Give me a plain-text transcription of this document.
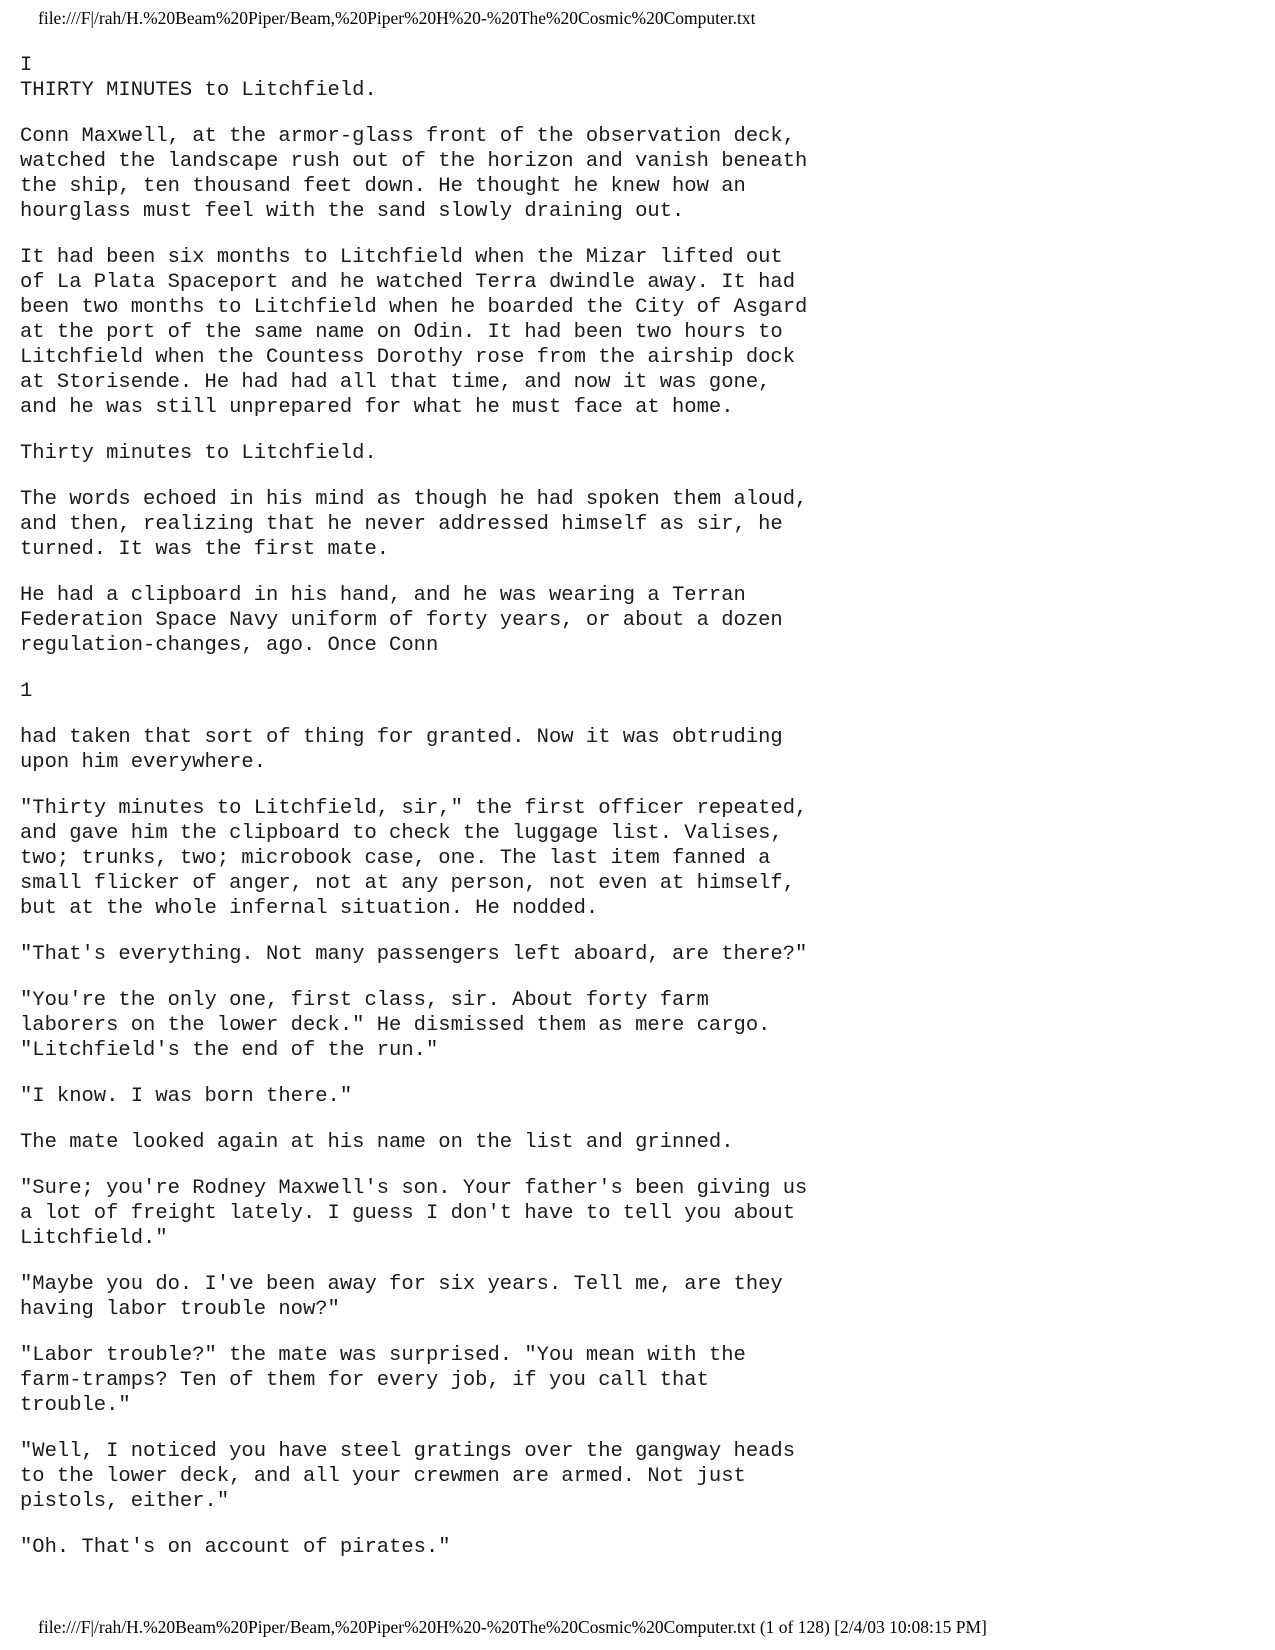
file:///F|/rah/H.%20Beam%20Piper/Beam,%20Piper%20H%20-%20The%20Cosmic%20Computer.txt

I
THIRTY MINUTES to Litchfield.

Conn Maxwell, at the armor-glass front of the observation deck,
watched the landscape rush out of the horizon and vanish beneath
the ship, ten thousand feet down. He thought he knew how an
hourglass must feel with the sand slowly draining out.

It had been six months to Litchfield when the Mizar lifted out
of La Plata Spaceport and he watched Terra dwindle away. It had
been two months to Litchfield when he boarded the City of Asgard
at the port of the same name on Odin. It had been two hours to
Litchfield when the Countess Dorothy rose from the airship dock
at Storisende. He had had all that time, and now it was gone,
and he was still unprepared for what he must face at home.

Thirty minutes to Litchfield.

The words echoed in his mind as though he had spoken them aloud,
and then, realizing that he never addressed himself as sir, he
turned. It was the first mate.

He had a clipboard in his hand, and he was wearing a Terran
Federation Space Navy uniform of forty years, or about a dozen
regulation-changes, ago. Once Conn

1

had taken that sort of thing for granted. Now it was obtruding
upon him everywhere.

"Thirty minutes to Litchfield, sir," the first officer repeated,
and gave him the clipboard to check the luggage list. Valises,
two; trunks, two; microbook case, one. The last item fanned a
small flicker of anger, not at any person, not even at himself,
but at the whole infernal situation. He nodded.

"That's everything. Not many passengers left aboard, are there?"

"You're the only one, first class, sir. About forty farm
laborers on the lower deck." He dismissed them as mere cargo.
"Litchfield's the end of the run."

"I know. I was born there."

The mate looked again at his name on the list and grinned.

"Sure; you're Rodney Maxwell's son. Your father's been giving us
a lot of freight lately. I guess I don't have to tell you about
Litchfield."

"Maybe you do. I've been away for six years. Tell me, are they
having labor trouble now?"

"Labor trouble?" the mate was surprised. "You mean with the
farm-tramps? Ten of them for every job, if you call that
trouble."

"Well, I noticed you have steel gratings over the gangway heads
to the lower deck, and all your crewmen are armed. Not just
pistols, either."

"Oh. That's on account of pirates."

file:///F|/rah/H.%20Beam%20Piper/Beam,%20Piper%20H%20-%20The%20Cosmic%20Computer.txt (1 of 128) [2/4/03 10:08:15 PM]
